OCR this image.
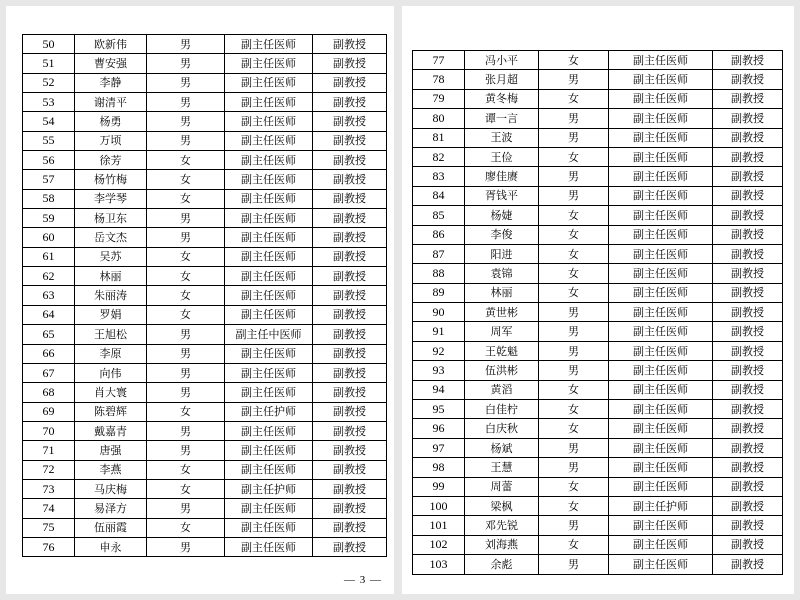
50	欧新伟	男	副主任医师	副教授
51	曹安强	男	副主任医师	副教授
52	李静	男	副主任医师	副教授
53	谢清平	男	副主任医师	副教授
54	杨勇	男	副主任医师	副教授
55	万顷	男	副主任医师	副教授
56	徐芳	女	副主任医师	副教授
57	杨竹梅	女	副主任医师	副教授
58	李学琴	女	副主任医师	副教授
59	杨卫东	男	副主任医师	副教授
60	岳文杰	男	副主任医师	副教授
61	吴苏	女	副主任医师	副教授
62	林丽	女	副主任医师	副教授
63	朱丽涛	女	副主任医师	副教授
64	罗娟	女	副主任医师	副教授
65	王旭松	男	副主任中医师	副教授
66	李原	男	副主任医师	副教授
67	向伟	男	副主任医师	副教授
68	肖大寰	男	副主任医师	副教授
69	陈碧辉	女	副主任护师	副教授
70	戴嘉青	男	副主任医师	副教授
71	唐强	男	副主任医师	副教授
72	李燕	女	副主任医师	副教授
73	马庆梅	女	副主任护师	副教授
74	易泽方	男	副主任医师	副教授
75	伍丽霞	女	副主任医师	副教授
76	申永	男	副主任医师	副教授
— 3 —
77	冯小平	女	副主任医师	副教授
78	张月超	男	副主任医师	副教授
79	黄冬梅	女	副主任医师	副教授
80	谭一言	男	副主任医师	副教授
81	王波	男	副主任医师	副教授
82	王俭	女	副主任医师	副教授
83	廖佳赓	男	副主任医师	副教授
84	胥钱平	男	副主任医师	副教授
85	杨婕	女	副主任医师	副教授
86	李俊	女	副主任医师	副教授
87	阳进	女	副主任医师	副教授
88	袁锦	女	副主任医师	副教授
89	林丽	女	副主任医师	副教授
90	黄世彬	男	副主任医师	副教授
91	周军	男	副主任医师	副教授
92	王乾魁	男	副主任医师	副教授
93	伍洪彬	男	副主任医师	副教授
94	黄滔	女	副主任医师	副教授
95	白佳柠	女	副主任医师	副教授
96	白庆秋	女	副主任医师	副教授
97	杨斌	男	副主任医师	副教授
98	王慧	男	副主任医师	副教授
99	周蕾	女	副主任医师	副教授
100	梁枫	女	副主任护师	副教授
101	邓先锐	男	副主任医师	副教授
102	刘海燕	女	副主任医师	副教授
103	余彪	男	副主任医师	副教授
